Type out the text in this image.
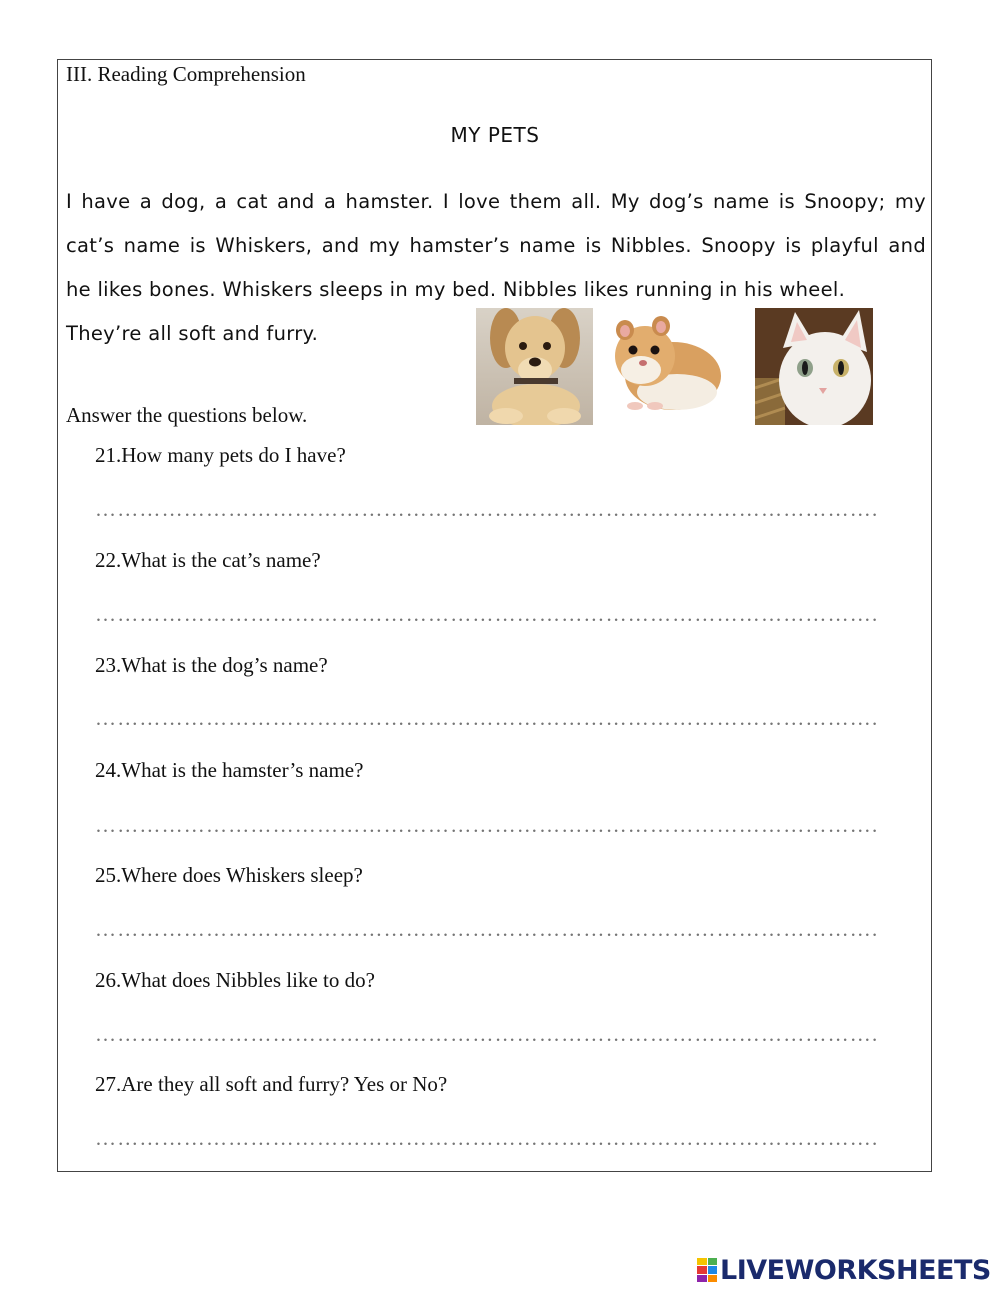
III. Reading Comprehension
MY PETS
I have a dog, a cat and a hamster. I love them all. My dog’s name is Snoopy; my
cat’s name is Whiskers, and my hamster’s name is Nibbles. Snoopy is playful and
he likes bones. Whiskers sleeps in my bed. Nibbles likes running in his wheel.
They’re all soft and furry.
Answer the questions below.
21.How many pets do I have?
…………………………………………………………………………………………….
22.What is the cat’s name?
…………………………………………………………………………………………….
23.What is the dog’s name?
…………………………………………………………………………………………….
24.What is the hamster’s name?
…………………………………………………………………………………………….
25.Where does Whiskers sleep?
…………………………………………………………………………………………….
26.What does Nibbles like to do?
…………………………………………………………………………………………….
27.Are they all soft and furry? Yes or No?
…………………………………………………………………………………………….
LIVEWORKSHEETS
